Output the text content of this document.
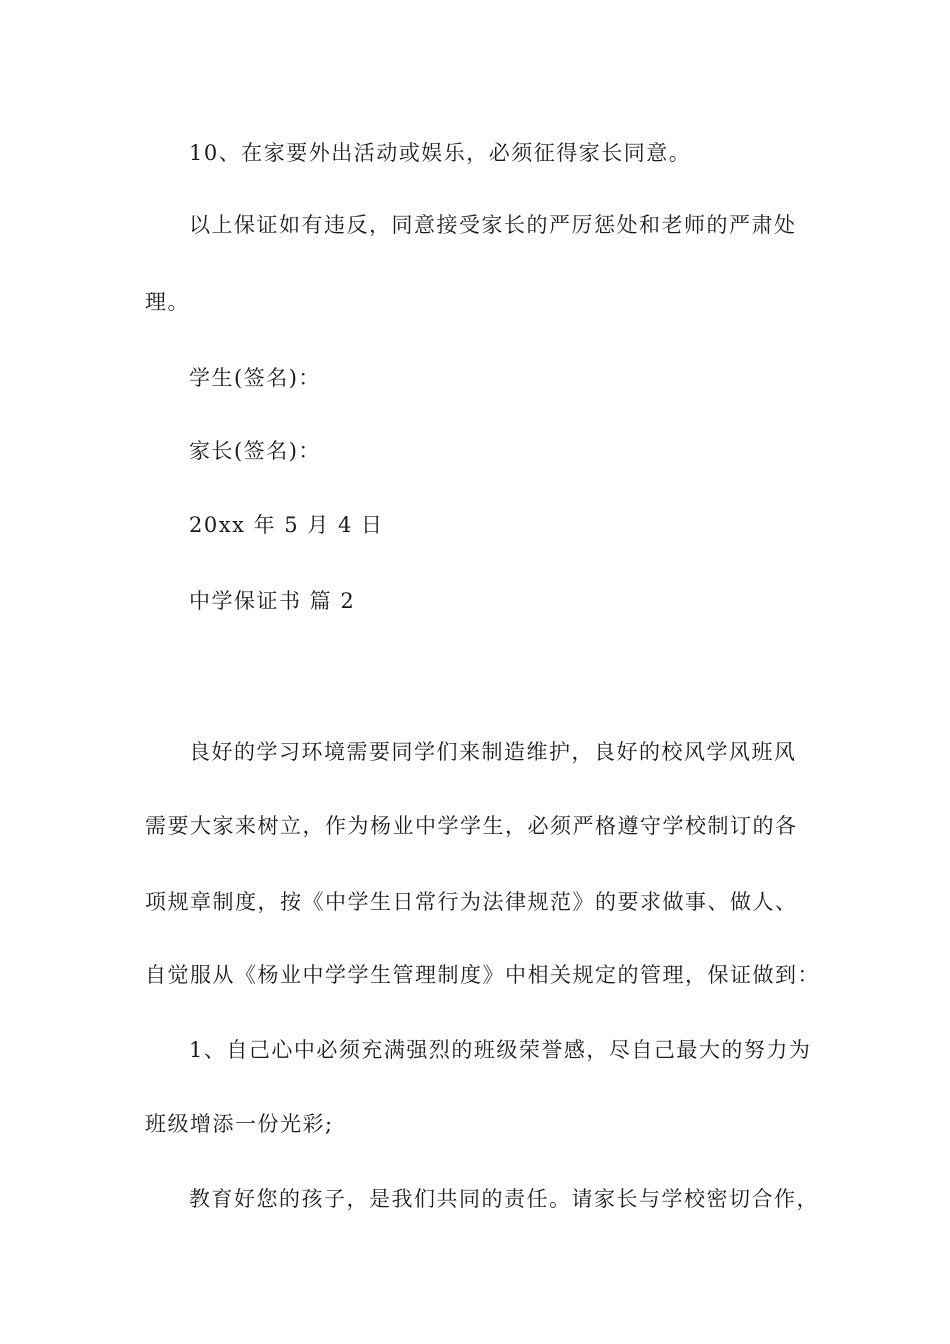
10、在家要外出活动或娱乐，必须征得家长同意。
以上保证如有违反，同意接受家长的严厉惩处和老师的严肃处
理。
学生(签名)：
家长(签名)：
20xx 年 5 月 4 日
中学保证书 篇 2
良好的学习环境需要同学们来制造维护，良好的校风学风班风
需要大家来树立，作为杨业中学学生，必须严格遵守学校制订的各
项规章制度，按《中学生日常行为法律规范》的要求做事、做人、
自觉服从《杨业中学学生管理制度》中相关规定的管理，保证做到：
1、自己心中必须充满强烈的班级荣誉感，尽自己最大的努力为
班级增添一份光彩;
教育好您的孩子，是我们共同的责任。请家长与学校密切合作，
